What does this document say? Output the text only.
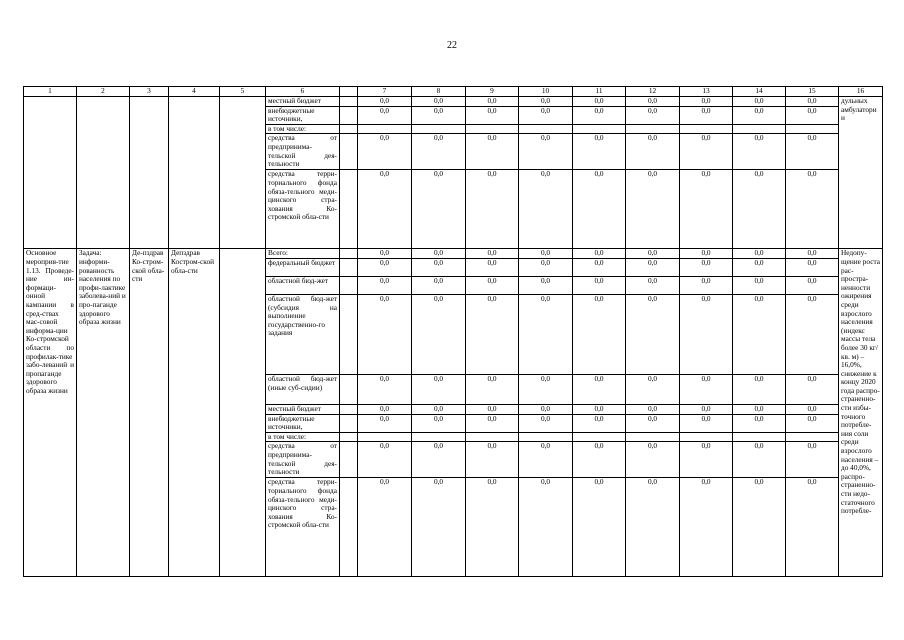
22
1	2	3	4	5	6		7	8	9	10	11	12	13	14	15	16
					местный бюджет		0,0	0,0	0,0	0,0	0,0	0,0	0,0	0,0	0,0	дульных амбулатории
					внебюджетные источники,		0,0	0,0	0,0	0,0	0,0	0,0	0,0	0,0	0,0	
					в том числе:											
					средства от предпринима-тельской дея-тельности		0,0	0,0	0,0	0,0	0,0	0,0	0,0	0,0	0,0	
					средства терри-ториального фонда обяза-тельного меди-цинского стра-хования Ко-стромской обла-сти		0,0	0,0	0,0	0,0	0,0	0,0	0,0	0,0	0,0	
Основное мероприя-тие 1.13. Проведе-ние ин-формаци-онной кампании в сред-ствах мас-совой информа-ции Ко-стромской области по профилак-тике забо-леваний и пропаганде здорового образа жизни	Задача: информи-рованность населения по профи-лактике заболева-ний и про-паганде здорового образа жизни	Де-пздрав Ко-стром-ской обла-сти	Депздрав Костром-ской обла-сти		Всего:		0,0	0,0	0,0	0,0	0,0	0,0	0,0	0,0	0,0	Недопу-щение роста рас-простра-ненности ожирения среди взрослого населения (индекс массы тела более 30 кг/кв. м) – 16,0%, снижение к концу 2020 года распро-страненно-сти избы-точного потребле-ния соли среди взрослого населения – до 40,0%, распро-страненно-сти недо-статочного потребле-
					федеральный бюджет		0,0	0,0	0,0	0,0	0,0	0,0	0,0	0,0	0,0	
					областной бюд-жет		0,0	0,0	0,0	0,0	0,0	0,0	0,0	0,0	0,0	
					областной бюд-жет (субсидия на выполнение государственно-го задания		0,0	0,0	0,0	0,0	0,0	0,0	0,0	0,0	0,0	
					областной бюд-жет (иные суб-сидии)		0,0	0,0	0,0	0,0	0,0	0,0	0,0	0,0	0,0	
					местный бюджет		0,0	0,0	0,0	0,0	0,0	0,0	0,0	0,0	0,0	
					внебюджетные источники,		0,0	0,0	0,0	0,0	0,0	0,0	0,0	0,0	0,0	
					в том числе:											
					средства от предпринима-тельской дея-тельности		0,0	0,0	0,0	0,0	0,0	0,0	0,0	0,0	0,0	
					средства терри-ториального фонда обяза-тельного меди-цинского стра-хования Ко-стромской обла-сти		0,0	0,0	0,0	0,0	0,0	0,0	0,0	0,0	0,0	
